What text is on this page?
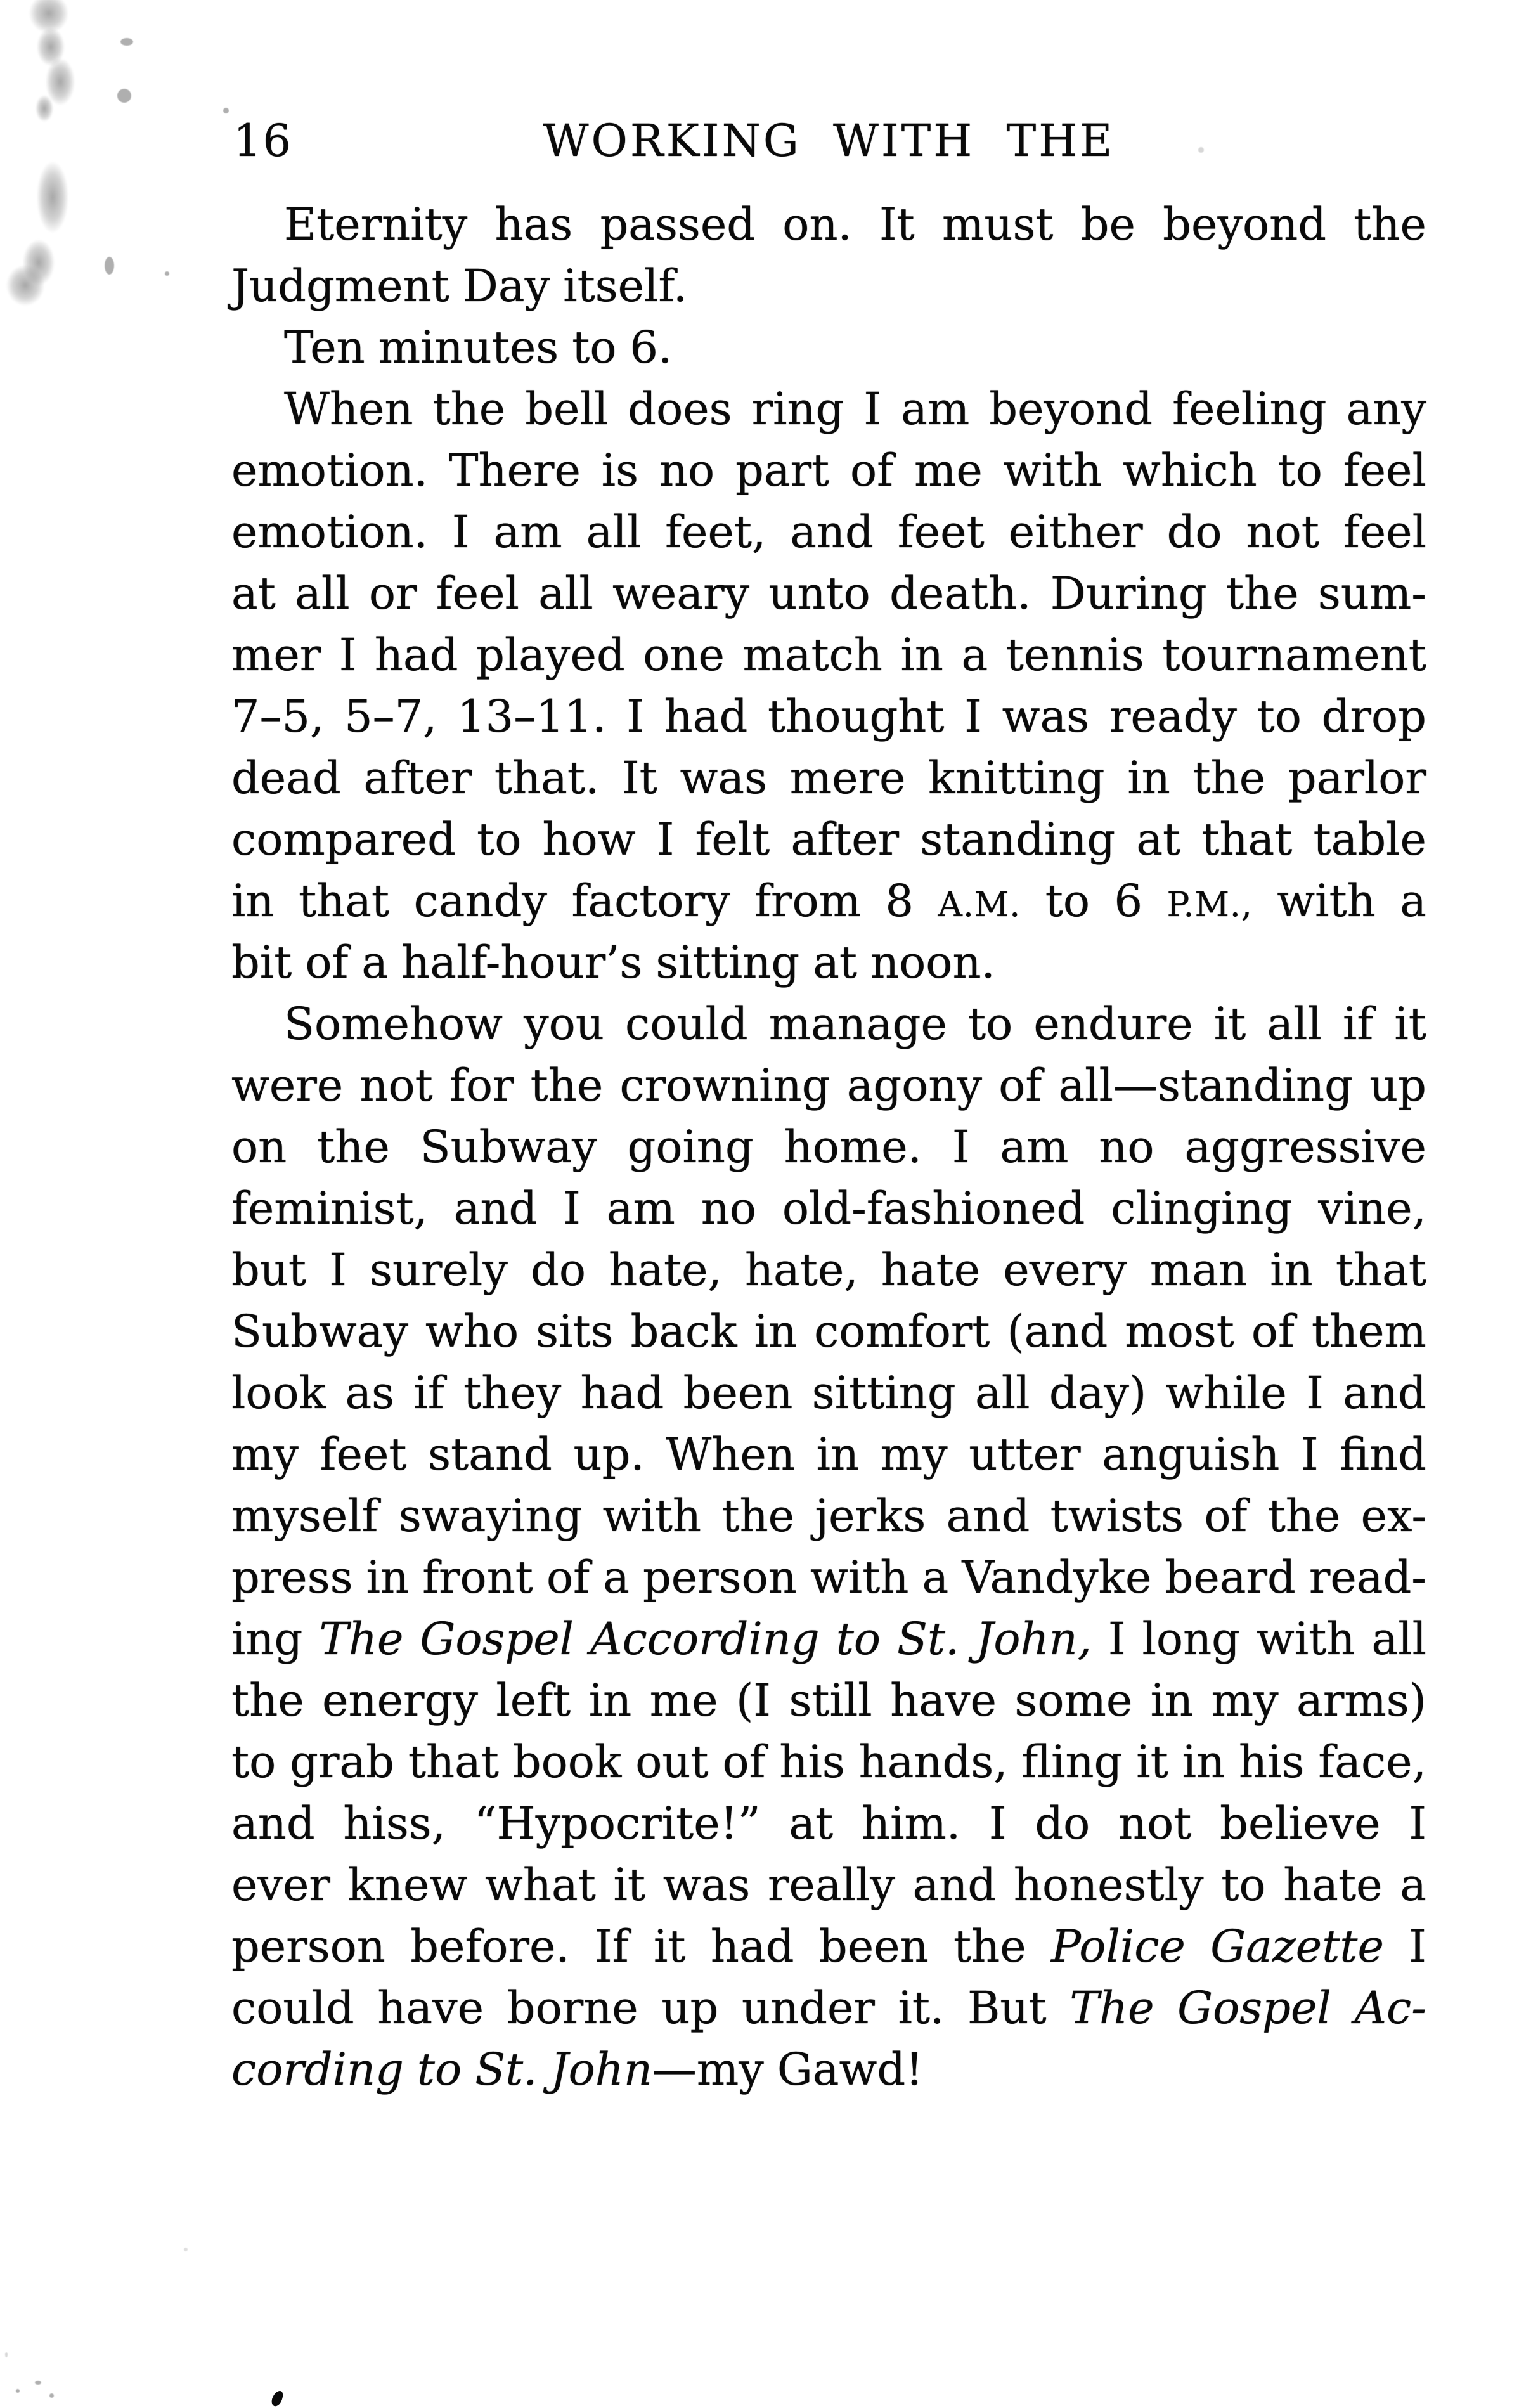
16	WORKING WITH THE
Eternity has passed on. It must be beyond the
Judgment Day itself.
Ten minutes to 6.
When the bell does ring I am beyond feeling any
emotion. There is no part of me with which to feel
emotion. I am all feet, and feet either do not feel
at all or feel all weary unto death. During the sum-
mer I had played one match in a tennis tournament
7–5, 5–7, 13–11. I had thought I was ready to drop
dead after that. It was mere knitting in the parlor
compared to how I felt after standing at that table
in that candy factory from 8 A.M. to 6 P.M., with a
bit of a half-hour’s sitting at noon.
Somehow you could manage to endure it all if it
were not for the crowning agony of all—standing up
on the Subway going home. I am no aggressive
feminist, and I am no old-fashioned clinging vine,
but I surely do hate, hate, hate every man in that
Subway who sits back in comfort (and most of them
look as if they had been sitting all day) while I and
my feet stand up. When in my utter anguish I find
myself swaying with the jerks and twists of the ex-
press in front of a person with a Vandyke beard read-
ing The Gospel According to St. John, I long with all
the energy left in me (I still have some in my arms)
to grab that book out of his hands, fling it in his face,
and hiss, “Hypocrite!” at him. I do not believe I
ever knew what it was really and honestly to hate a
person before. If it had been the Police Gazette I
could have borne up under it. But The Gospel Ac-
cording to St. John—my Gawd!
